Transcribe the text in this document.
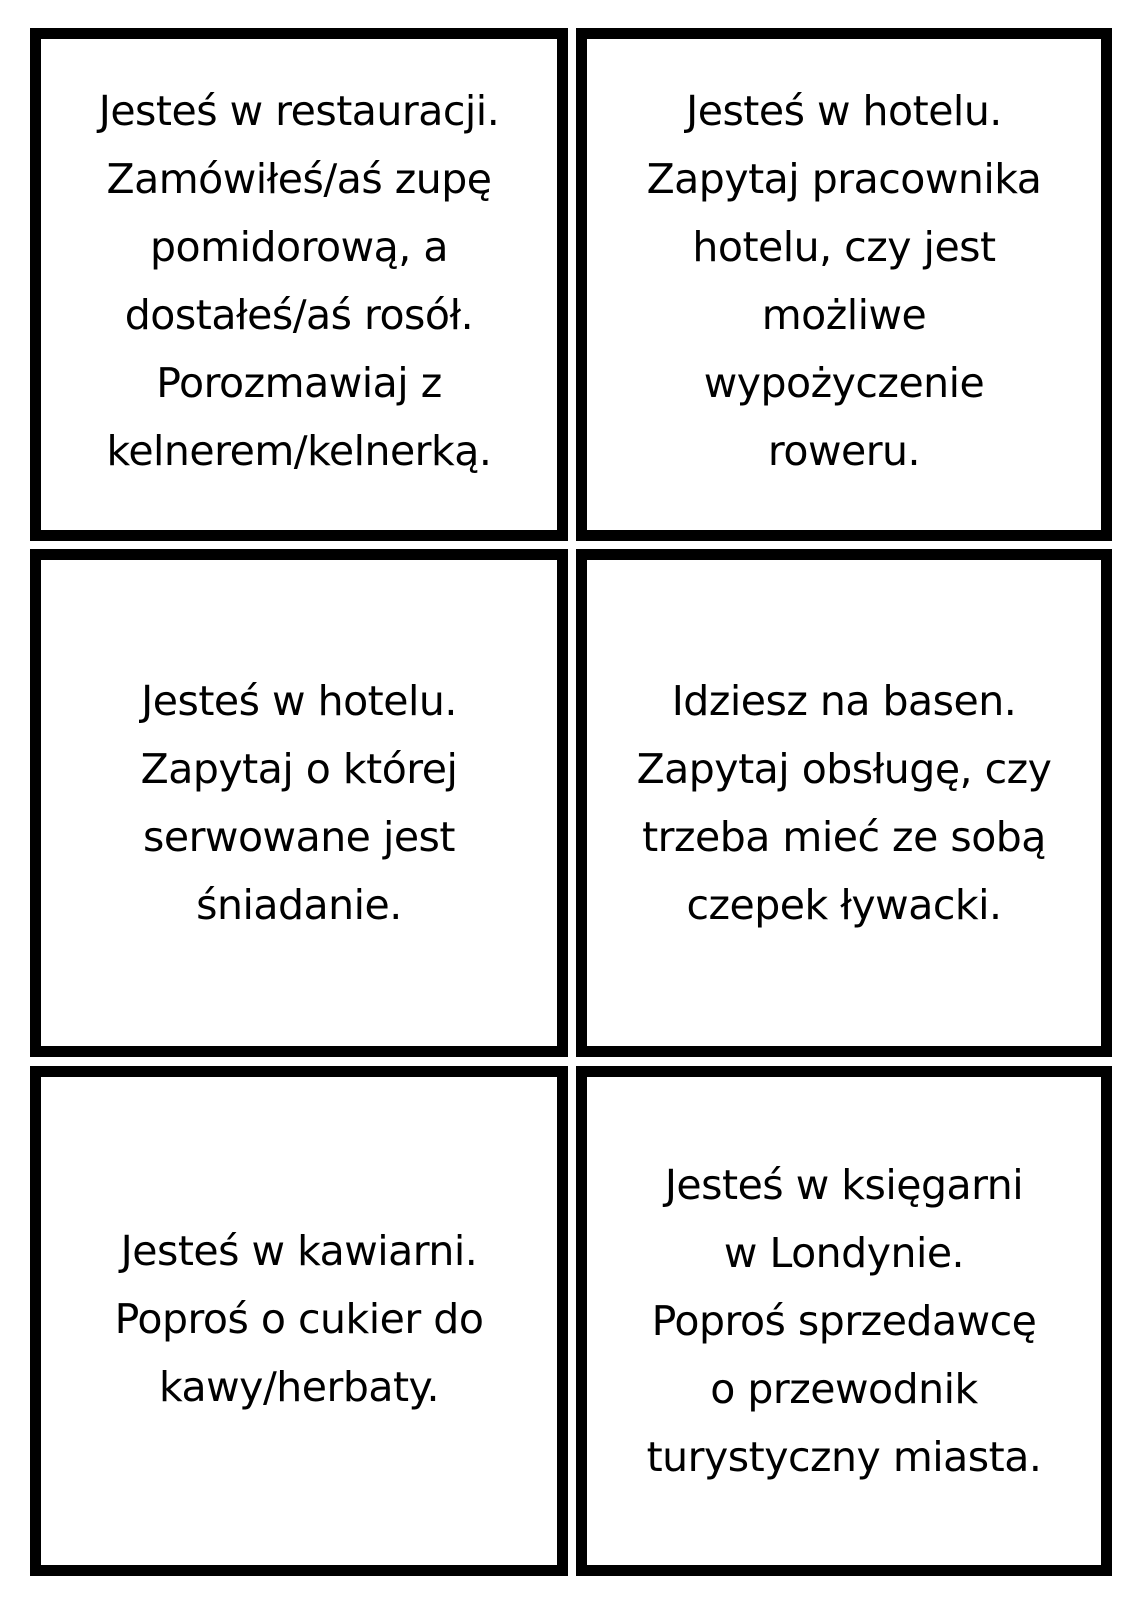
Jesteś w restauracji.
Zamówiłeś/aś zupę
pomidorową, a
dostałeś/aś rosół.
Porozmawiaj z
kelnerem/kelnerką.
Jesteś w hotelu.
Zapytaj pracownika
hotelu, czy jest
możliwe
wypożyczenie
roweru.
Jesteś w hotelu.
Zapytaj o której
serwowane jest
śniadanie.
Idziesz na basen.
Zapytaj obsługę, czy
trzeba mieć ze sobą
czepek ływacki.
Jesteś w kawiarni.
Poproś o cukier do
kawy/herbaty.
Jesteś w księgarni
w Londynie.
Poproś sprzedawcę
o przewodnik
turystyczny miasta.
